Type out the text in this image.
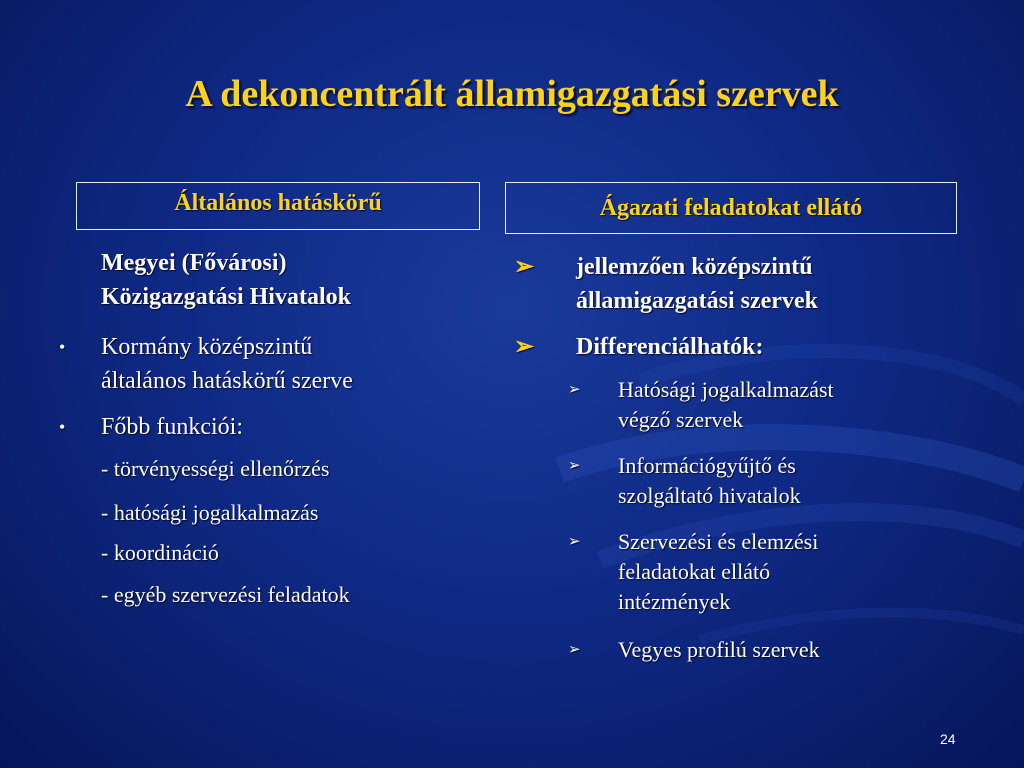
A dekoncentrált államigazgatási szervek
Általános hatáskörű	Ágazati feladatokat ellátó
Megyei (Fővárosi)
Közigazgatási Hivatalok
• Kormány középszintű
általános hatáskörű szerve
• Főbb funkciói:
- törvényességi ellenőrzés
- hatósági jogalkalmazás
- koordináció
- egyéb szervezési feladatok
➢ jellemzően középszintű
államigazgatási szervek
➢ Differenciálhatók:
➢ Hatósági jogalkalmazást
végző szervek
➢ Információgyűjtő és
szolgáltató hivatalok
➢ Szervezési és elemzési
feladatokat ellátó
intézmények
➢ Vegyes profilú szervek
24
